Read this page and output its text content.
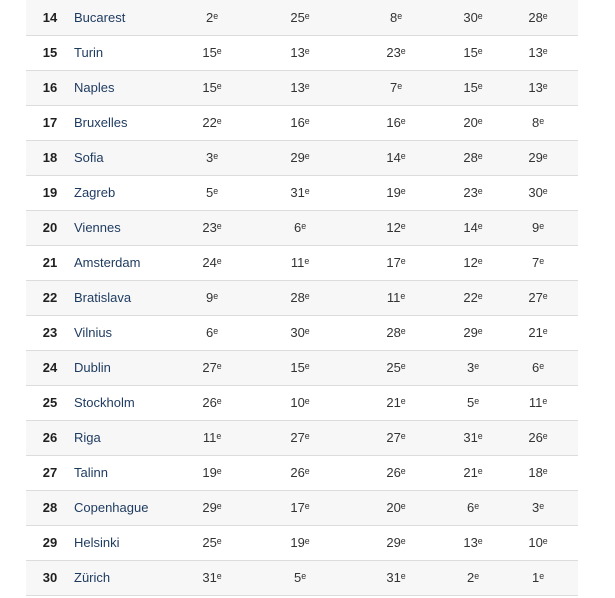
14	Bucarest	2ᵉ	25ᵉ	8ᵉ	30ᵉ	28ᵉ
15	Turin	15ᵉ	13ᵉ	23ᵉ	15ᵉ	13ᵉ
16	Naples	15ᵉ	13ᵉ	7ᵉ	15ᵉ	13ᵉ
17	Bruxelles	22ᵉ	16ᵉ	16ᵉ	20ᵉ	8ᵉ
18	Sofia	3ᵉ	29ᵉ	14ᵉ	28ᵉ	29ᵉ
19	Zagreb	5ᵉ	31ᵉ	19ᵉ	23ᵉ	30ᵉ
20	Viennes	23ᵉ	6ᵉ	12ᵉ	14ᵉ	9ᵉ
21	Amsterdam	24ᵉ	11ᵉ	17ᵉ	12ᵉ	7ᵉ
22	Bratislava	9ᵉ	28ᵉ	11ᵉ	22ᵉ	27ᵉ
23	Vilnius	6ᵉ	30ᵉ	28ᵉ	29ᵉ	21ᵉ
24	Dublin	27ᵉ	15ᵉ	25ᵉ	3ᵉ	6ᵉ
25	Stockholm	26ᵉ	10ᵉ	21ᵉ	5ᵉ	11ᵉ
26	Riga	11ᵉ	27ᵉ	27ᵉ	31ᵉ	26ᵉ
27	Talinn	19ᵉ	26ᵉ	26ᵉ	21ᵉ	18ᵉ
28	Copenhague	29ᵉ	17ᵉ	20ᵉ	6ᵉ	3ᵉ
29	Helsinki	25ᵉ	19ᵉ	29ᵉ	13ᵉ	10ᵉ
30	Zürich	31ᵉ	5ᵉ	31ᵉ	2ᵉ	1ᵉ
